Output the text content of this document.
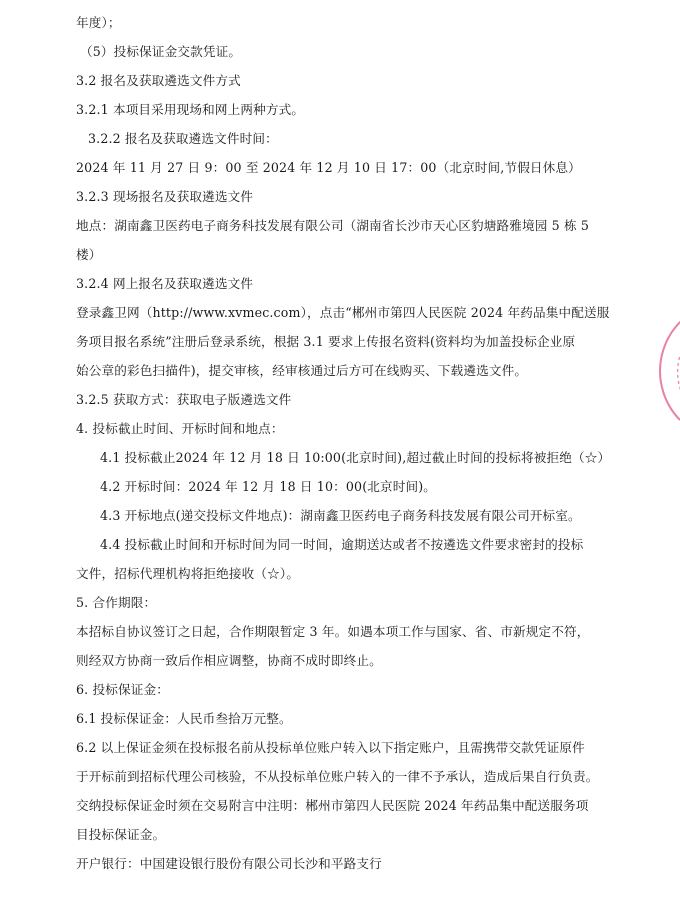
年度）；
（5）投标保证金交款凭证。
3.2 报名及获取遴选文件方式
3.2.1 本项目采用现场和网上两种方式。
3.2.2 报名及获取遴选文件时间：
2024 年 11 月 27 日 9：00 至 2024 年 12 月 10 日 17：00（北京时间,节假日休息）
3.2.3 现场报名及获取遴选文件
地点：湖南鑫卫医药电子商务科技发展有限公司（湖南省长沙市天心区豹塘路雅境园 5 栋 5
楼）
3.2.4 网上报名及获取遴选文件
登录鑫卫网（http://www.xvmec.com），点击“郴州市第四人民医院 2024 年药品集中配送服
务项目报名系统”注册后登录系统，根据 3.1 要求上传报名资料(资料均为加盖投标企业原
始公章的彩色扫描件)，提交审核，经审核通过后方可在线购买、下载遴选文件。
3.2.5 获取方式：获取电子版遴选文件
4. 投标截止时间、开标时间和地点：
4.1 投标截止2024 年 12 月 18 日 10:00(北京时间),超过截止时间的投标将被拒绝（☆）
4.2 开标时间：2024 年 12 月 18 日 10：00(北京时间)。
4.3 开标地点(递交投标文件地点)：湖南鑫卫医药电子商务科技发展有限公司开标室。
4.4 投标截止时间和开标时间为同一时间，逾期送达或者不按遴选文件要求密封的投标
文件，招标代理机构将拒绝接收（☆）。
5. 合作期限：
本招标自协议签订之日起，合作期限暂定 3 年。如遇本项工作与国家、省、市新规定不符，
则经双方协商一致后作相应调整，协商不成时即终止。
6. 投标保证金：
6.1 投标保证金：人民币叁拾万元整。
6.2 以上保证金须在投标报名前从投标单位账户转入以下指定账户，且需携带交款凭证原件
于开标前到招标代理公司核验，不从投标单位账户转入的一律不予承认，造成后果自行负责。
交纳投标保证金时须在交易附言中注明：郴州市第四人民医院 2024 年药品集中配送服务项
目投标保证金。
开户银行：中国建设银行股份有限公司长沙和平路支行
